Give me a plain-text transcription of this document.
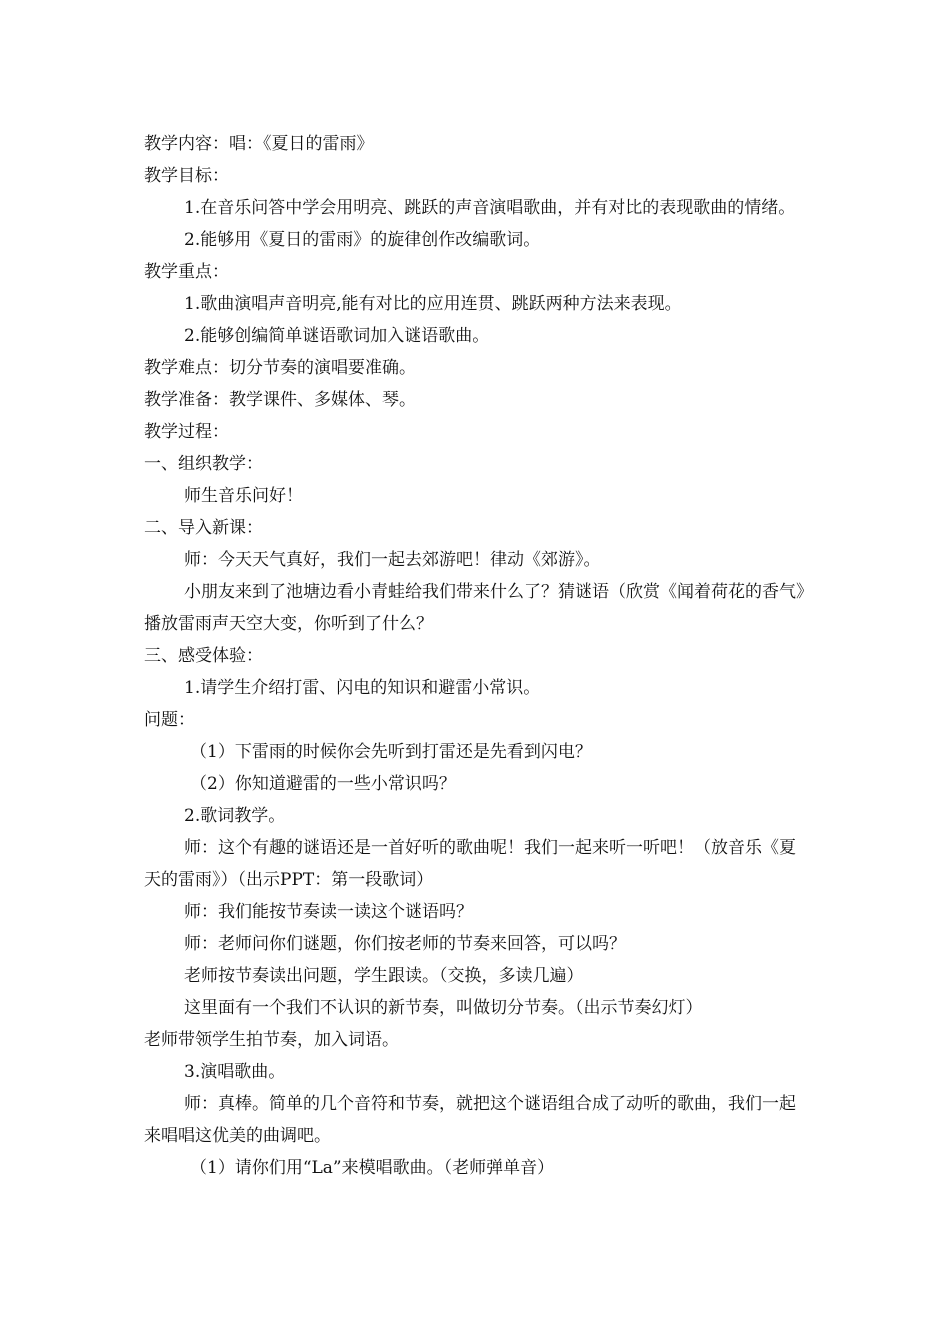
教学内容：唱：《夏日的雷雨》

教学目标：

1.在音乐问答中学会用明亮、跳跃的声音演唱歌曲，并有对比的表现歌曲的情绪。

2.能够用《夏日的雷雨》的旋律创作改编歌词。

教学重点：

1.歌曲演唱声音明亮,能有对比的应用连贯、跳跃两种方法来表现。

2.能够创编简单谜语歌词加入谜语歌曲。

教学难点：切分节奏的演唱要准确。

教学准备：教学课件、多媒体、琴。

教学过程：

一、组织教学：

师生音乐问好！

二、导入新课：

师：今天天气真好，我们一起去郊游吧！律动《郊游》。

小朋友来到了池塘边看小青蛙给我们带来什么了？猜谜语（欣赏《闻着荷花的香气》播放雷雨声天空大变，你听到了什么？

三、感受体验：

1.请学生介绍打雷、闪电的知识和避雷小常识。

问题：

（1）下雷雨的时候你会先听到打雷还是先看到闪电？

（2）你知道避雷的一些小常识吗？

2.歌词教学。

师：这个有趣的谜语还是一首好听的歌曲呢！我们一起来听一听吧！（放音乐《夏天的雷雨》）（出示PPT：第一段歌词）

师：我们能按节奏读一读这个谜语吗？

师：老师问你们谜题，你们按老师的节奏来回答，可以吗？

老师按节奏读出问题，学生跟读。（交换，多读几遍）

这里面有一个我们不认识的新节奏，叫做切分节奏。（出示节奏幻灯）

老师带领学生拍节奏，加入词语。

3.演唱歌曲。

师：真棒。简单的几个音符和节奏，就把这个谜语组合成了动听的歌曲，我们一起来唱唱这优美的曲调吧。

（1）请你们用“La”来模唱歌曲。（老师弹单音）
